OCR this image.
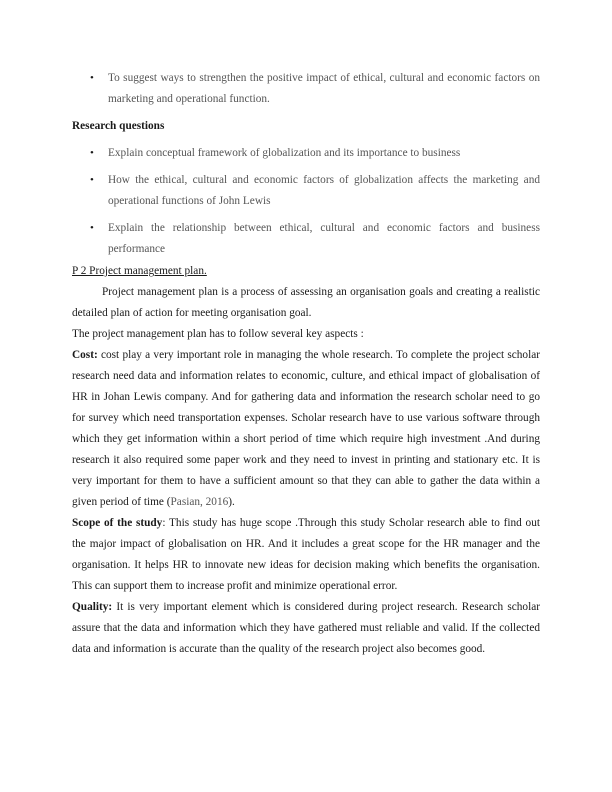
• To suggest ways to strengthen the positive impact of ethical, cultural and economic factors on marketing and operational function.

Research questions

• Explain conceptual framework of globalization and its importance to business
• How the ethical, cultural and economic factors of globalization affects the marketing and operational functions of John Lewis
• Explain the relationship between ethical, cultural and economic factors and business performance

P 2 Project management plan.

Project management plan is a process of assessing an organisation goals and creating a realistic detailed plan of action for meeting organisation goal.

The project management plan has to follow several key aspects :

Cost: cost play a very important role in managing the whole research. To complete the project scholar research need data and information relates to economic, culture, and ethical impact of globalisation of HR in Johan Lewis company. And for gathering data and information the research scholar need to go for survey which need transportation expenses. Scholar research have to use various software through which they get information within a short period of time which require high investment .And during research it also required some paper work and they need to invest in printing and stationary etc. It is very important for them to have a sufficient amount so that they can able to gather the data within a given period of time (Pasian, 2016).

Scope of the study: This study has huge scope .Through this study Scholar research able to find out the major impact of globalisation on HR. And it includes a great scope for the HR manager and the organisation. It helps HR to innovate new ideas for decision making which benefits the organisation. This can support them to increase profit and minimize operational error.

Quality: It is very important element which is considered during project research. Research scholar assure that the data and information which they have gathered must reliable and valid. If the collected data and information is accurate than the quality of the research project also becomes good.
